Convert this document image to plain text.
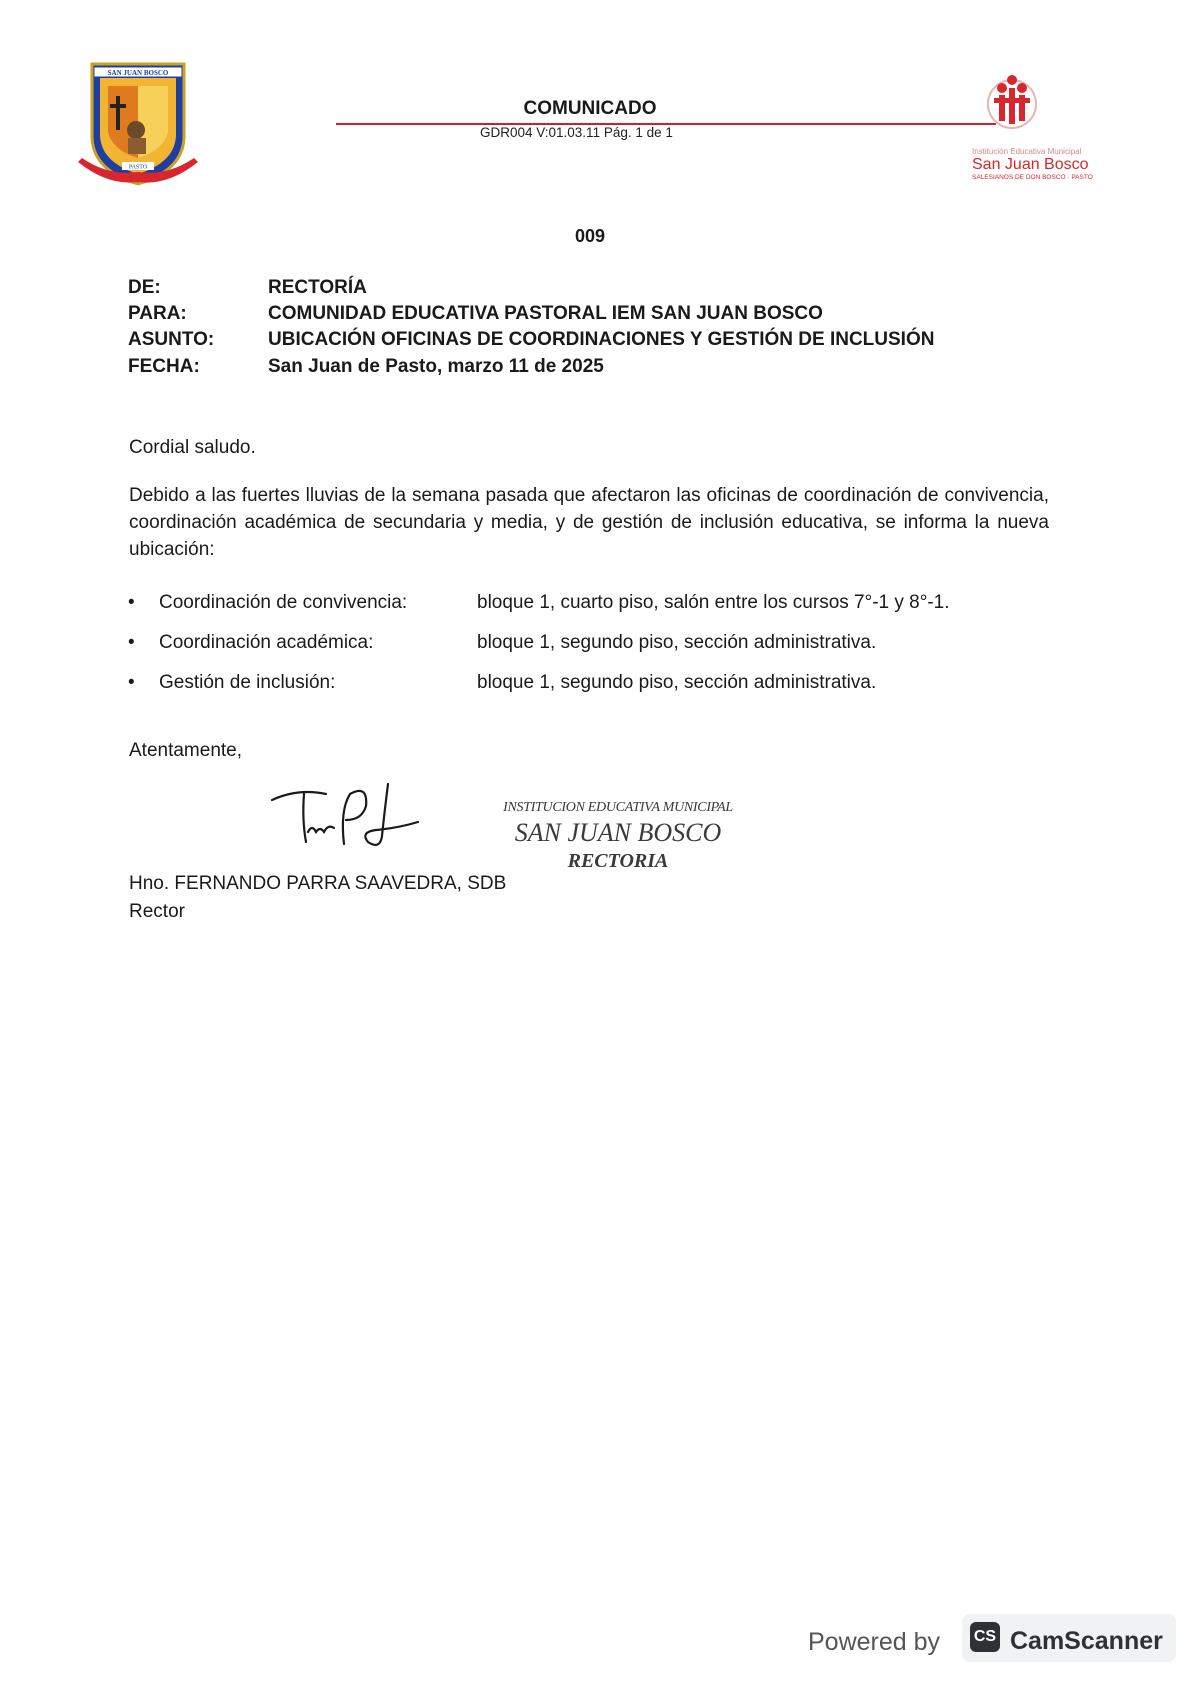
SAN JUAN BOSCO
PASTO
Institución Educativa Municipal
San Juan Bosco
SALESIANOS DE DON BOSCO · PASTO
COMUNICADO
GDR004 V:01.03.11 Pág. 1 de 1
009
DE:	RECTORÍA
PARA:	COMUNIDAD EDUCATIVA PASTORAL IEM SAN JUAN BOSCO
ASUNTO:	UBICACIÓN OFICINAS DE COORDINACIONES Y GESTIÓN DE INCLUSIÓN
FECHA:	San Juan de Pasto, marzo 11 de 2025
Cordial saludo.
Debido a las fuertes lluvias de la semana pasada que afectaron las oficinas de coordinación de convivencia, coordinación académica de secundaria y media, y de gestión de inclusión educativa, se informa la nueva ubicación:
• Coordinación de convivencia:	bloque 1, cuarto piso, salón entre los cursos 7°-1 y 8°-1.
• Coordinación académica:	bloque 1, segundo piso, sección administrativa.
• Gestión de inclusión:	bloque 1, segundo piso, sección administrativa.
Atentamente,
Hno. FERNANDO PARRA SAAVEDRA, SDB
Rector
INSTITUCION EDUCATIVA MUNICIPAL
SAN JUAN BOSCO
RECTORIA
Powered by CS CamScanner
